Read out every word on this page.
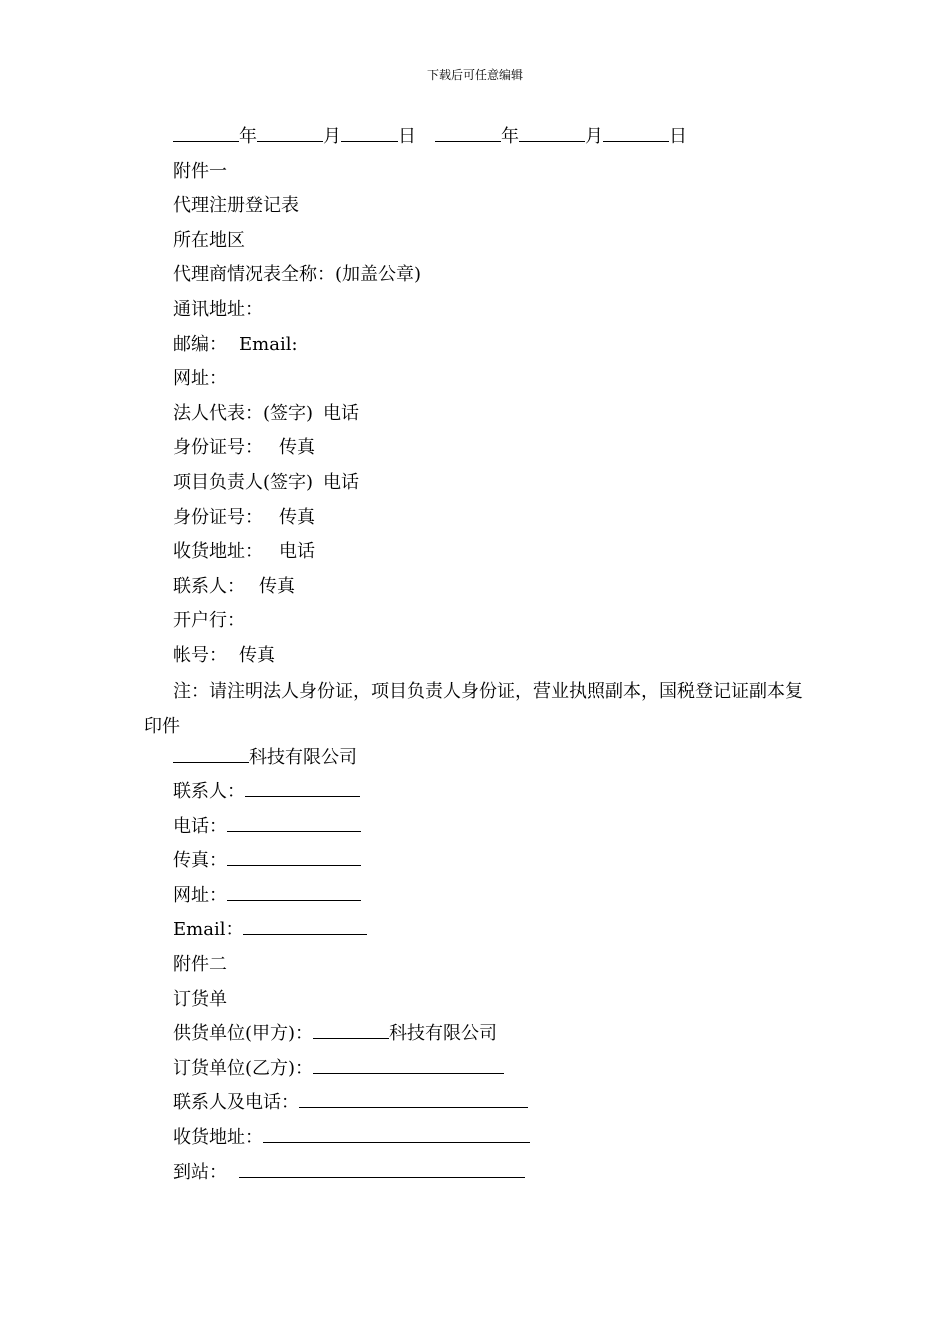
下载后可任意编辑
年	月	日	年	月	日
附件一
代理注册登记表
所在地区
代理商情况表全称：(加盖公章)
通讯地址：
邮编： Email:
网址：
法人代表：(签字) 电话
身份证号： 传真
项目负责人(签字) 电话
身份证号： 传真
收货地址： 电话
联系人： 传真
开户行：
帐号： 传真
注：请注明法人身份证，项目负责人身份证，营业执照副本，国税登记证副本复印件
科技有限公司
联系人：
电话：
传真：
网址：
Email：
附件二
订货单
供货单位(甲方)：	科技有限公司
订货单位(乙方)：
联系人及电话：
收货地址：
到站：
